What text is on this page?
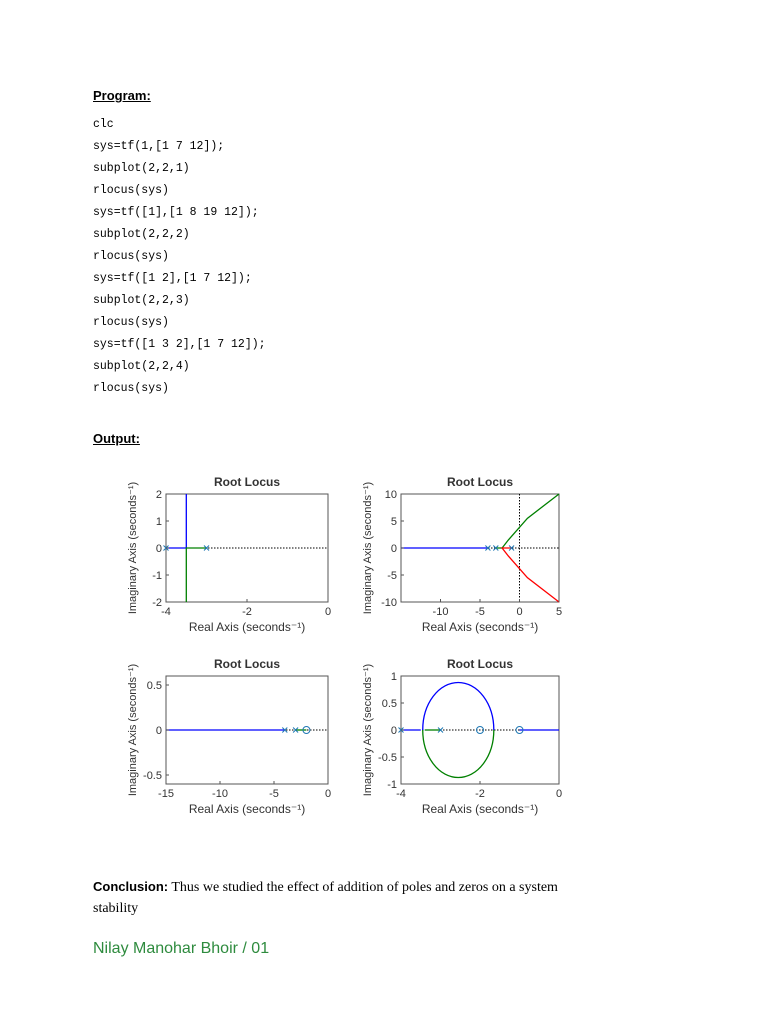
Program:
clc
sys=tf(1,[1 7 12]);
subplot(2,2,1)
rlocus(sys)
sys=tf([1],[1 8 19 12]);
subplot(2,2,2)
rlocus(sys)
sys=tf([1 2],[1 7 12]);
subplot(2,2,3)
rlocus(sys)
sys=tf([1 3 2],[1 7 12]);
subplot(2,2,4)
rlocus(sys)
Output:
-4	-2	0
-2
-1
0
1
2
Root Locus
Real Axis (seconds⁻¹)
Imaginary Axis (seconds⁻¹)	-10 -5	0	5
-10
-5
0
5
10
Root Locus
Real Axis (seconds⁻¹)
Imaginary Axis (seconds⁻¹)
-15	-10	-5	0
-0.5
0
0.5
Root Locus
Real Axis (seconds⁻¹)
Imaginary Axis (seconds⁻¹)	-4	-2	0
-1
-0.5
0
0.5
1
Root Locus
Real Axis (seconds⁻¹)
Imaginary Axis (seconds⁻¹)
Conclusion: Thus we studied the effect of addition of poles and zeros on a system stability
Nilay Manohar Bhoir / 01
